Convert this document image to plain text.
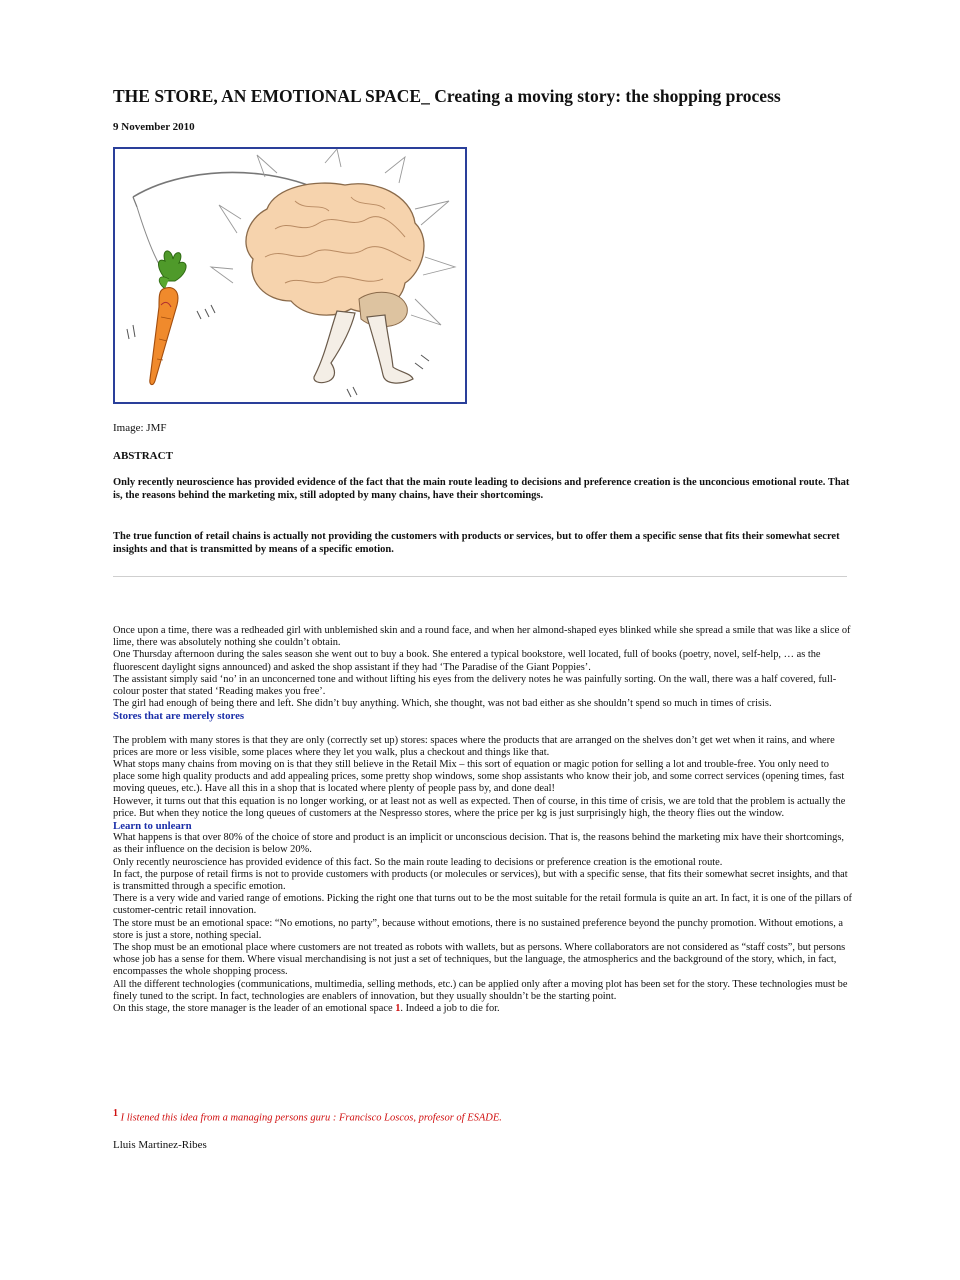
THE STORE, AN EMOTIONAL SPACE_ Creating a moving story: the shopping process
9 November 2010
Image: JMF
ABSTRACT

Only recently neuroscience has provided evidence of the fact that the main route leading to decisions and preference creation is the unconcious emotional route. That is, the reasons behind the marketing mix, still adopted by many chains, have their shortcomings.

The true function of retail chains is actually not providing the customers with products or services, but to offer them a specific sense that fits their somewhat secret insights and that is transmitted by means of a specific emotion.

Once upon a time, there was a redheaded girl with unblemished skin and a round face, and when her almond-shaped eyes blinked while she spread a smile that was like a slice of lime, there was absolutely nothing she couldn’t obtain.

One Thursday afternoon during the sales season she went out to buy a book. She entered a typical bookstore, well located, full of books (poetry, novel, self-help, … as the fluorescent daylight signs announced) and asked the shop assistant if they had ‘The Paradise of the Giant Poppies’.

The assistant simply said ‘no’ in an unconcerned tone and without lifting his eyes from the delivery notes he was painfully sorting. On the wall, there was a half covered, full-colour poster that stated ‘Reading makes you free’.

The girl had enough of being there and left. She didn’t buy anything. Which, she thought, was not bad either as she shouldn’t spend so much in times of crisis.

Stores that are merely stores

The problem with many stores is that they are only (correctly set up) stores: spaces where the products that are arranged on the shelves don’t get wet when it rains, and where prices are more or less visible, some places where they let you walk, plus a checkout and things like that.

What stops many chains from moving on is that they still believe in the Retail Mix – this sort of equation or magic potion for selling a lot and trouble-free. You only need to place some high quality products and add appealing prices, some pretty shop windows, some shop assistants who know their job, and some correct services (opening times, fast moving queues, etc.). Have all this in a shop that is located where plenty of people pass by, and done deal!

However, it turns out that this equation is no longer working, or at least not as well as expected. Then of course, in this time of crisis, we are told that the problem is actually the price. But when they notice the long queues of customers at the Nespresso stores, where the price per kg is just surprisingly high, the theory flies out the window.

Learn to unlearn

What happens is that over 80% of the choice of store and product is an implicit or unconscious decision. That is, the reasons behind the marketing mix have their shortcomings, as their influence on the decision is below 20%.

Only recently neuroscience has provided evidence of this fact. So the main route leading to decisions or preference creation is the emotional route.

In fact, the purpose of retail firms is not to provide customers with products (or molecules or services), but with a specific sense, that fits their somewhat secret insights, and that is transmitted through a specific emotion.

There is a very wide and varied range of emotions. Picking the right one that turns out to be the most suitable for the retail formula is quite an art. In fact, it is one of the pillars of customer-centric retail innovation.

The store must be an emotional space: “No emotions, no party”, because without emotions, there is no sustained preference beyond the punchy promotion. Without emotions, a store is just a store, nothing special.

The shop must be an emotional place where customers are not treated as robots with wallets, but as persons. Where collaborators are not considered as “staff costs”, but persons whose job has a sense for them. Where visual merchandising is not just a set of techniques, but the language, the atmospherics and the background of the story, which, in fact, encompasses the whole shopping process.

All the different technologies (communications, multimedia, selling methods, etc.) can be applied only after a moving plot has been set for the story. These technologies must be finely tuned to the script. In fact, technologies are enablers of innovation, but they usually shouldn’t be the starting point.

On this stage, the store manager is the leader of an emotional space 1. Indeed a job to die for.

$^1$ I listened this idea from a managing persons guru : Francisco Loscos, profesor of ESADE.
Lluis Martinez-Ribes
